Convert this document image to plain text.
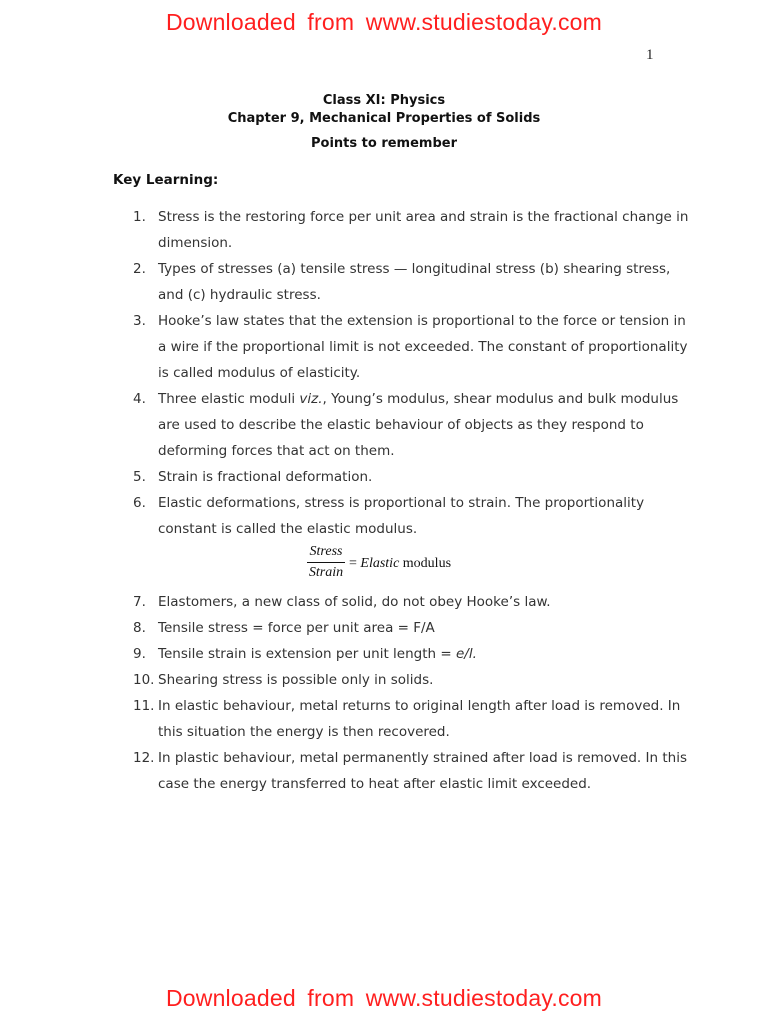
Downloaded from www.studiestoday.com
1
Class XI: Physics
Chapter 9, Mechanical Properties of Solids
Points to remember
Key Learning:
1. Stress is the restoring force per unit area and strain is the fractional change in dimension.
2. Types of stresses (a) tensile stress — longitudinal stress (b) shearing stress, and (c) hydraulic stress.
3. Hooke’s law states that the extension is proportional to the force or tension in a wire if the proportional limit is not exceeded. The constant of proportionality is called modulus of elasticity.
4. Three elastic moduli viz., Young’s modulus, shear modulus and bulk modulus are used to describe the elastic behaviour of objects as they respond to deforming forces that act on them.
5. Strain is fractional deformation.
6. Elastic deformations, stress is proportional to strain. The proportionality constant is called the elastic modulus.
Stress
Strain
= Elastic modulus
7. Elastomers, a new class of solid, do not obey Hooke’s law.
8. Tensile stress = force per unit area = F/A
9. Tensile strain is extension per unit length = e/l.
10. Shearing stress is possible only in solids.
11. In elastic behaviour, metal returns to original length after load is removed. In this situation the energy is then recovered.
12. In plastic behaviour, metal permanently strained after load is removed. In this case the energy transferred to heat after elastic limit exceeded.
Downloaded from www.studiestoday.com
